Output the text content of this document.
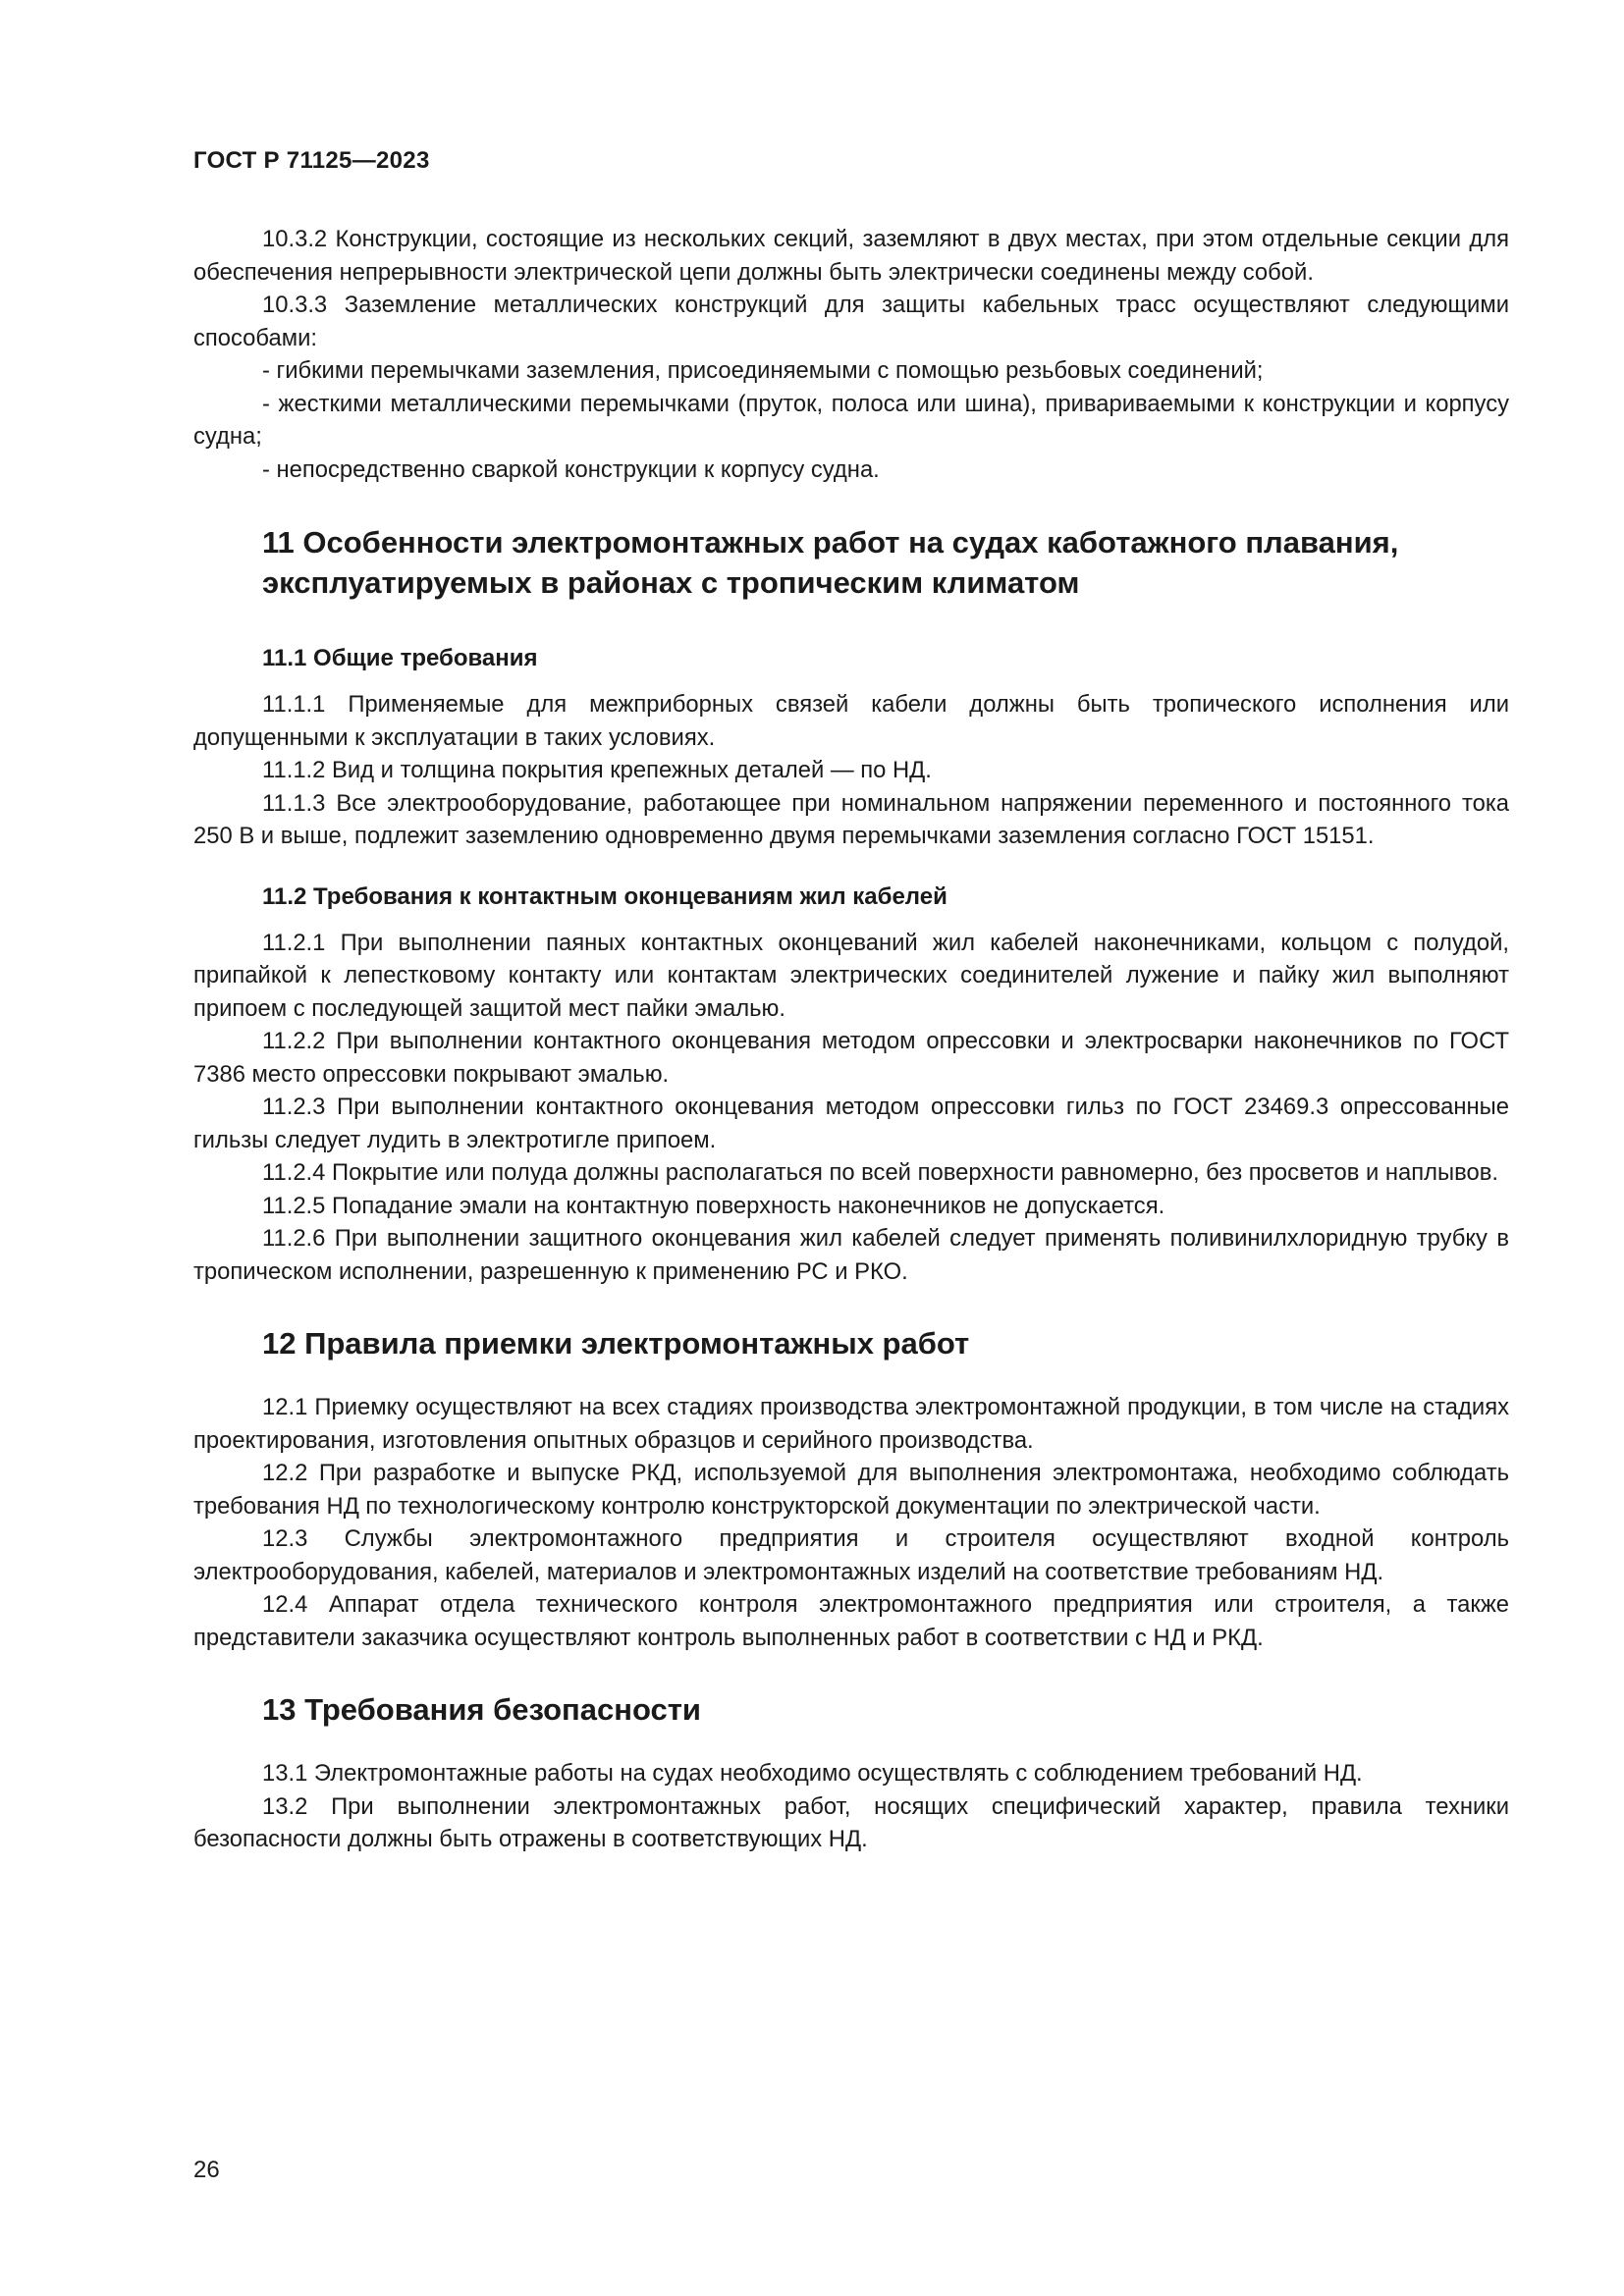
ГОСТ Р 71125—2023

10.3.2 Конструкции, состоящие из нескольких секций, заземляют в двух местах, при этом отдельные секции для обеспечения непрерывности электрической цепи должны быть электрически соединены между собой.

10.3.3 Заземление металлических конструкций для защиты кабельных трасс осуществляют следующими способами:

- гибкими перемычками заземления, присоединяемыми с помощью резьбовых соединений;

- жесткими металлическими перемычками (пруток, полоса или шина), привариваемыми к конструкции и корпусу судна;

- непосредственно сваркой конструкции к корпусу судна.

11 Особенности электромонтажных работ на судах каботажного плавания, эксплуатируемых в районах с тропическим климатом
11.1 Общие требования

11.1.1 Применяемые для межприборных связей кабели должны быть тропического исполнения или допущенными к эксплуатации в таких условиях.

11.1.2 Вид и толщина покрытия крепежных деталей — по НД.

11.1.3 Все электрооборудование, работающее при номинальном напряжении переменного и постоянного тока 250 В и выше, подлежит заземлению одновременно двумя перемычками заземления согласно ГОСТ 15151.

11.2 Требования к контактным оконцеваниям жил кабелей

11.2.1 При выполнении паяных контактных оконцеваний жил кабелей наконечниками, кольцом с полудой, припайкой к лепестковому контакту или контактам электрических соединителей лужение и пайку жил выполняют припоем с последующей защитой мест пайки эмалью.

11.2.2 При выполнении контактного оконцевания методом опрессовки и электросварки наконечников по ГОСТ 7386 место опрессовки покрывают эмалью.

11.2.3 При выполнении контактного оконцевания методом опрессовки гильз по ГОСТ 23469.3 опрессованные гильзы следует лудить в электротигле припоем.

11.2.4 Покрытие или полуда должны располагаться по всей поверхности равномерно, без просветов и наплывов.

11.2.5 Попадание эмали на контактную поверхность наконечников не допускается.

11.2.6 При выполнении защитного оконцевания жил кабелей следует применять поливинилхлоридную трубку в тропическом исполнении, разрешенную к применению РС и РКО.

12 Правила приемки электромонтажных работ

12.1 Приемку осуществляют на всех стадиях производства электромонтажной продукции, в том числе на стадиях проектирования, изготовления опытных образцов и серийного производства.

12.2 При разработке и выпуске РКД, используемой для выполнения электромонтажа, необходимо соблюдать требования НД по технологическому контролю конструкторской документации по электрической части.

12.3 Службы электромонтажного предприятия и строителя осуществляют входной контроль электрооборудования, кабелей, материалов и электромонтажных изделий на соответствие требованиям НД.

12.4 Аппарат отдела технического контроля электромонтажного предприятия или строителя, а также представители заказчика осуществляют контроль выполненных работ в соответствии с НД и РКД.

13 Требования безопасности

13.1 Электромонтажные работы на судах необходимо осуществлять с соблюдением требований НД.

13.2 При выполнении электромонтажных работ, носящих специфический характер, правила техники безопасности должны быть отражены в соответствующих НД.

26
